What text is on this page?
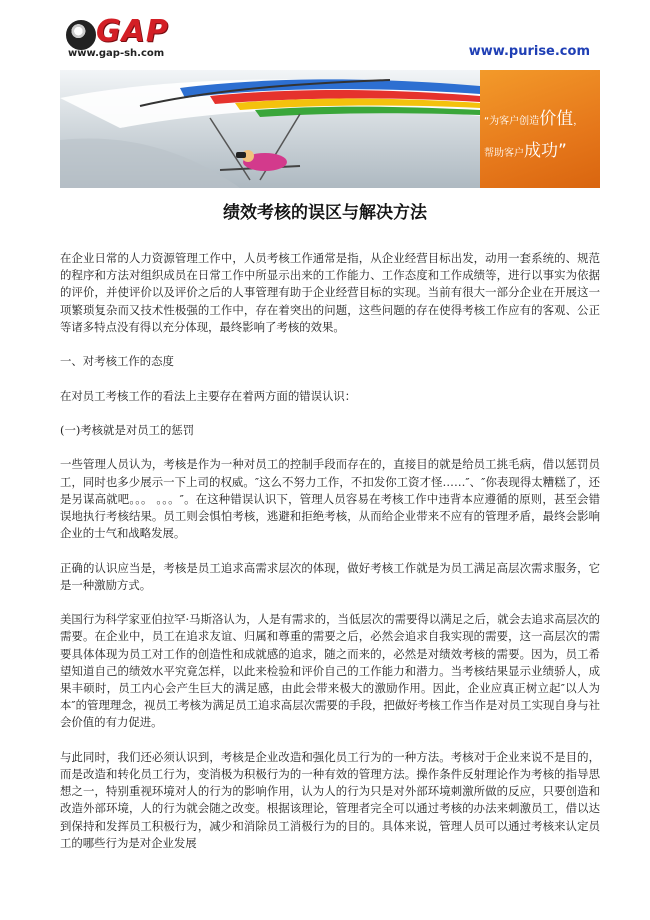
GAP
www.gap-sh.com	www.purise.com
“为客户创造价值，
帮助客户成功”
绩效考核的误区与解决方法

在企业日常的人力资源管理工作中，人员考核工作通常是指，从企业经营目标出发，动用一套系统的、规范的程序和方法对组织成员在日常工作中所显示出来的工作能力、工作态度和工作成绩等，进行以事实为依据的评价，并使评价以及评价之后的人事管理有助于企业经营目标的实现。当前有很大一部分企业在开展这一项繁琐复杂而又技术性极强的工作中，存在着突出的问题，这些问题的存在使得考核工作应有的客观、公正等诸多特点没有得以充分体现，最终影响了考核的效果。

一、对考核工作的态度

在对员工考核工作的看法上主要存在着两方面的错误认识：

(一)考核就是对员工的惩罚

一些管理人员认为，考核是作为一种对员工的控制手段而存在的，直接目的就是给员工挑毛病，借以惩罚员工，同时也多少展示一下上司的权威。″这么不努力工作，不扣发你工资才怪……″、″你表现得太糟糕了，还是另谋高就吧。。。 。。。″。在这种错误认识下，管理人员容易在考核工作中违背本应遵循的原则，甚至会错误地执行考核结果。员工则会惧怕考核，逃避和拒绝考核，从而给企业带来不应有的管理矛盾，最终会影响企业的士气和战略发展。

正确的认识应当是，考核是员工追求高需求层次的体现，做好考核工作就是为员工满足高层次需求服务，它是一种激励方式。

美国行为科学家亚伯拉罕·马斯洛认为，人是有需求的，当低层次的需要得以满足之后，就会去追求高层次的需要。在企业中，员工在追求友谊、归属和尊重的需要之后，必然会追求自我实现的需要，这一高层次的需要具体体现为员工对工作的创造性和成就感的追求，随之而来的，必然是对绩效考核的需要。因为，员工希望知道自己的绩效水平究竟怎样，以此来检验和评价自己的工作能力和潜力。当考核结果显示业绩骄人，成果丰硕时，员工内心会产生巨大的满足感，由此会带来极大的激励作用。因此，企业应真正树立起″以人为本″的管理理念，视员工考核为满足员工追求高层次需要的手段，把做好考核工作当作是对员工实现自身与社会价值的有力促进。

与此同时，我们还必须认识到，考核是企业改造和强化员工行为的一种方法。考核对于企业来说不是目的，而是改造和转化员工行为，变消极为积极行为的一种有效的管理方法。操作条件反射理论作为考核的指导思想之一，特别重视环境对人的行为的影响作用，认为人的行为只是对外部环境刺激所做的反应，只要创造和改造外部环境，人的行为就会随之改变。根据该理论，管理者完全可以通过考核的办法来刺激员工，借以达到保持和发挥员工积极行为，减少和消除员工消极行为的目的。具体来说，管理人员可以通过考核来认定员工的哪些行为是对企业发展
